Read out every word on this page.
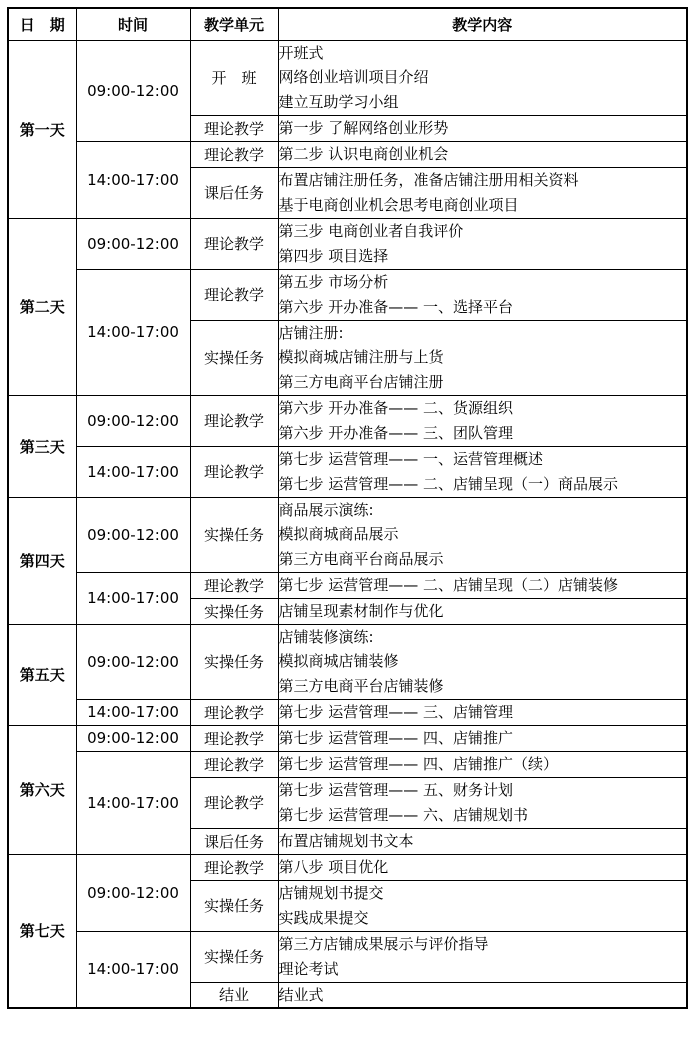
日　期	时间	教学单元	教学内容
第一天	09:00-12:00	开　班	开班式
网络创业培训项目介绍
建立互助学习小组

		理论教学	第一步 了解网络创业形势

	14:00-17:00	理论教学	第二步 认识电商创业机会

		课后任务	布置店铺注册任务，准备店铺注册用相关资料
基于电商创业机会思考电商创业项目

第二天	09:00-12:00	理论教学	第三步 电商创业者自我评价
第四步 项目选择

	14:00-17:00	理论教学	第五步 市场分析
第六步 开办准备—— 一、选择平台

		实操任务	店铺注册:
模拟商城店铺注册与上货
第三方电商平台店铺注册

第三天	09:00-12:00	理论教学	第六步 开办准备—— 二、货源组织
第六步 开办准备—— 三、团队管理

	14:00-17:00	理论教学	第七步 运营管理—— 一、运营管理概述
第七步 运营管理—— 二、店铺呈现（一）商品展示

第四天	09:00-12:00	实操任务	商品展示演练:
模拟商城商品展示
第三方电商平台商品展示

	14:00-17:00	理论教学	第七步 运营管理—— 二、店铺呈现（二）店铺装修

		实操任务	店铺呈现素材制作与优化

第五天	09:00-12:00	实操任务	店铺装修演练:
模拟商城店铺装修
第三方电商平台店铺装修

	14:00-17:00	理论教学	第七步 运营管理—— 三、店铺管理

第六天	09:00-12:00	理论教学	第七步 运营管理—— 四、店铺推广

	14:00-17:00	理论教学	第七步 运营管理—— 四、店铺推广（续）

		理论教学	第七步 运营管理—— 五、财务计划
第七步 运营管理—— 六、店铺规划书

		课后任务	布置店铺规划书文本

第七天	09:00-12:00	理论教学	第八步 项目优化

		实操任务	店铺规划书提交
实践成果提交

	14:00-17:00	实操任务	第三方店铺成果展示与评价指导
理论考试

		结业	结业式
